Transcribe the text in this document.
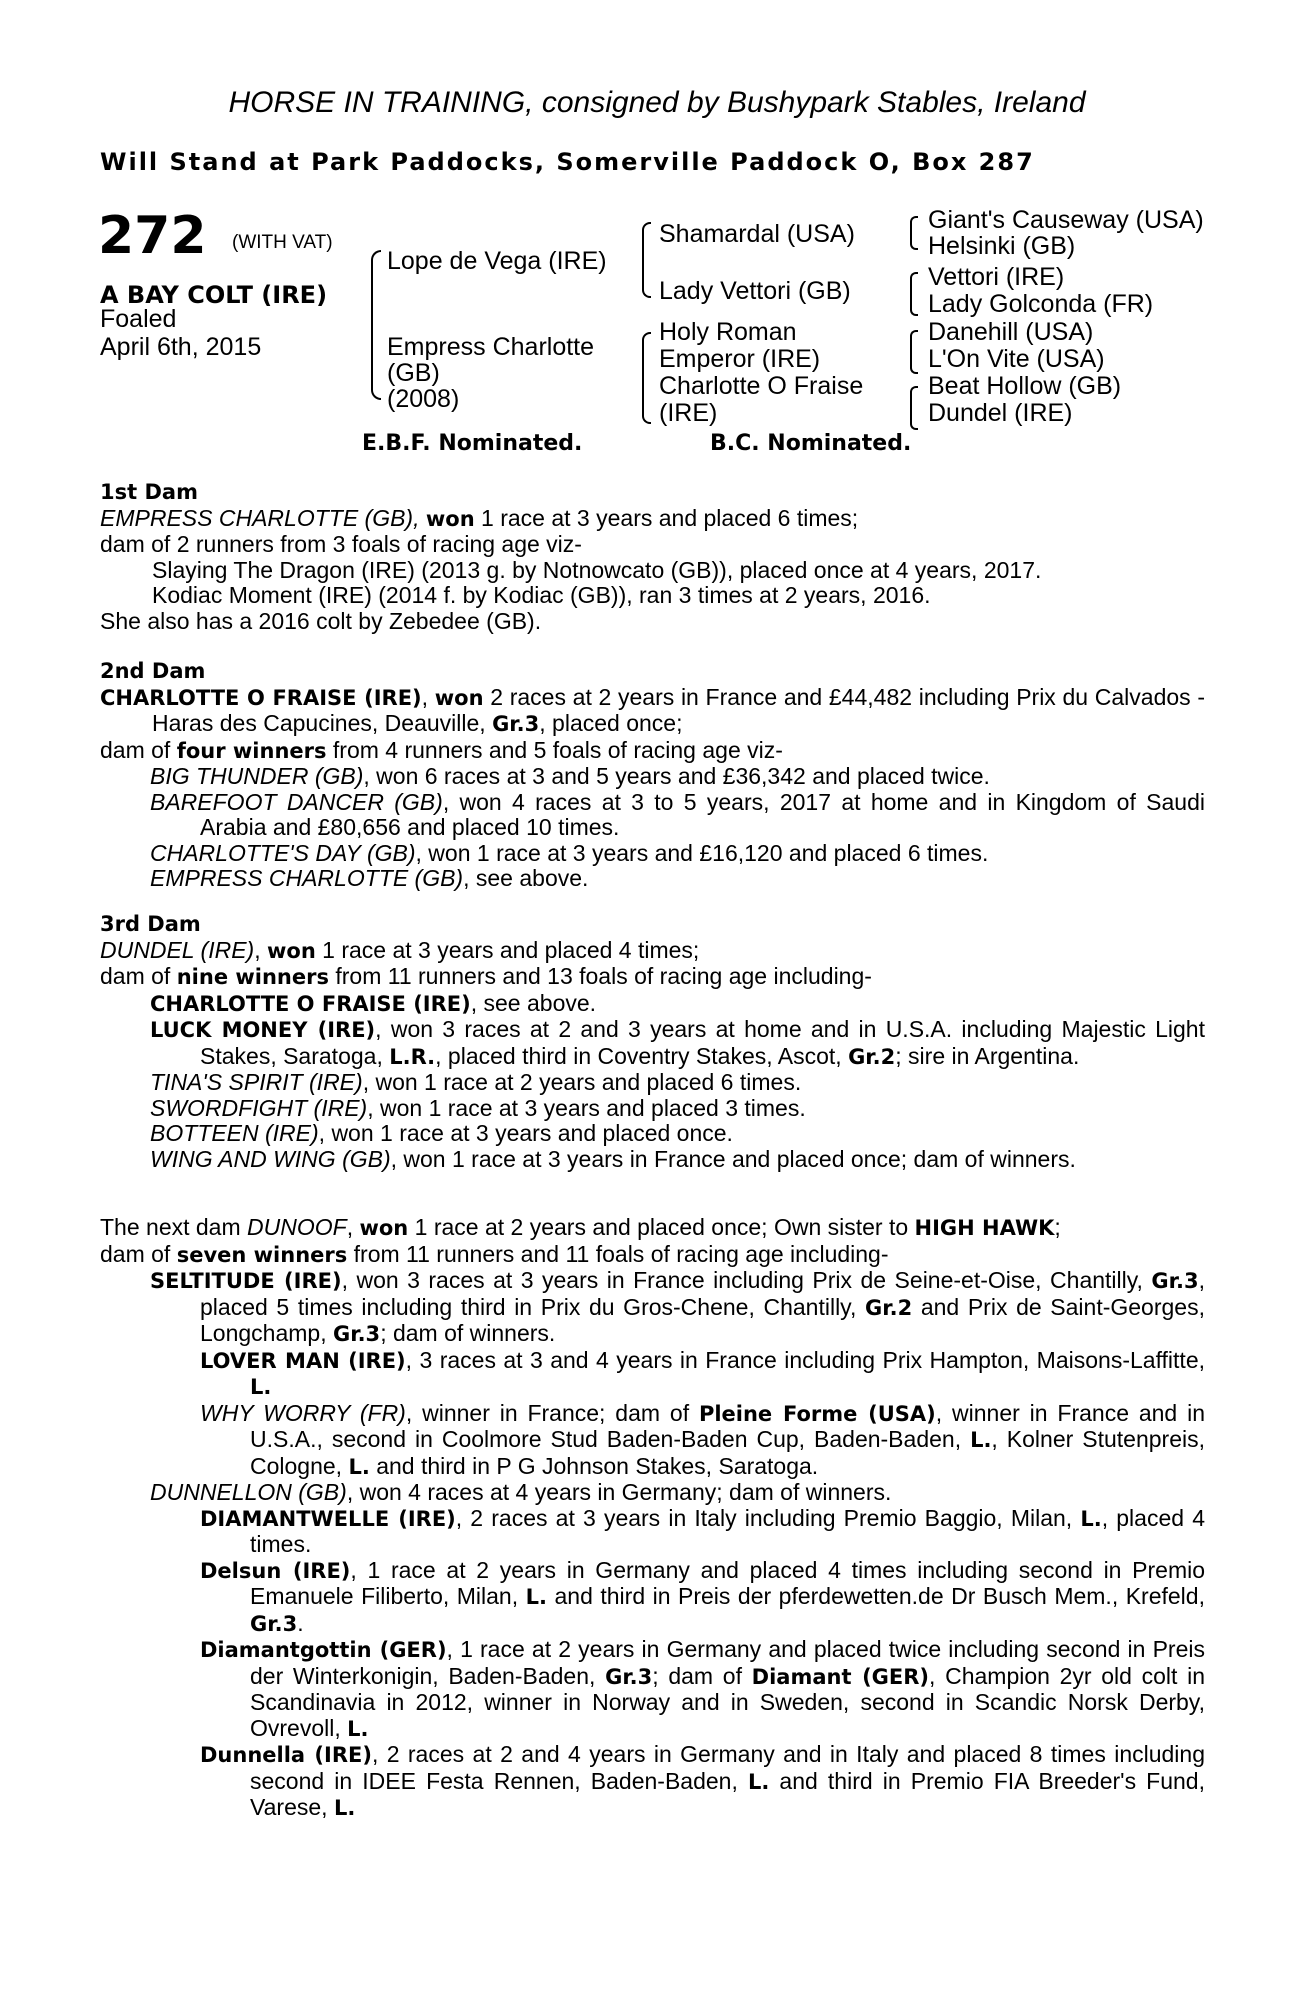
HORSE IN TRAINING, consigned by Bushypark Stables, Ireland
Will Stand at Park Paddocks, Somerville Paddock O, Box 287
272 (WITH VAT)
A BAY COLT (IRE)
Foaled
April 6th, 2015
Lope de Vega (IRE)
Empress Charlotte
(GB)
(2008)
Shamardal (USA)
Lady Vettori (GB)
Holy Roman
Emperor (IRE)
Charlotte O Fraise
(IRE)
Giant's Causeway (USA)
Helsinki (GB)
Vettori (IRE)
Lady Golconda (FR)
Danehill (USA)
L'On Vite (USA)
Beat Hollow (GB)
Dundel (IRE)
E.B.F. Nominated.	B.C. Nominated.

1st Dam

EMPRESS CHARLOTTE (GB), won 1 race at 3 years and placed 6 times;

dam of 2 runners from 3 foals of racing age viz-

Slaying The Dragon (IRE) (2013 g. by Notnowcato (GB)), placed once at 4 years, 2017.

Kodiac Moment (IRE) (2014 f. by Kodiac (GB)), ran 3 times at 2 years, 2016.

She also has a 2016 colt by Zebedee (GB).

2nd Dam

CHARLOTTE O FRAISE (IRE), won 2 races at 2 years in France and £44,482 including Prix du Calvados - Haras des Capucines, Deauville, Gr.3, placed once;

dam of four winners from 4 runners and 5 foals of racing age viz-

BIG THUNDER (GB), won 6 races at 3 and 5 years and £36,342 and placed twice.

BAREFOOT DANCER (GB), won 4 races at 3 to 5 years, 2017 at home and in Kingdom of Saudi Arabia and £80,656 and placed 10 times.

CHARLOTTE'S DAY (GB), won 1 race at 3 years and £16,120 and placed 6 times.

EMPRESS CHARLOTTE (GB), see above.

3rd Dam

DUNDEL (IRE), won 1 race at 3 years and placed 4 times;

dam of nine winners from 11 runners and 13 foals of racing age including-

CHARLOTTE O FRAISE (IRE), see above.

LUCK MONEY (IRE), won 3 races at 2 and 3 years at home and in U.S.A. including Majestic Light Stakes, Saratoga, L.R., placed third in Coventry Stakes, Ascot, Gr.2; sire in Argentina.

TINA'S SPIRIT (IRE), won 1 race at 2 years and placed 6 times.

SWORDFIGHT (IRE), won 1 race at 3 years and placed 3 times.

BOTTEEN (IRE), won 1 race at 3 years and placed once.

WING AND WING (GB), won 1 race at 3 years in France and placed once; dam of winners.

The next dam DUNOOF, won 1 race at 2 years and placed once; Own sister to HIGH HAWK;

dam of seven winners from 11 runners and 11 foals of racing age including-

SELTITUDE (IRE), won 3 races at 3 years in France including Prix de Seine-et-Oise, Chantilly, Gr.3, placed 5 times including third in Prix du Gros-Chene, Chantilly, Gr.2 and Prix de Saint-Georges, Longchamp, Gr.3; dam of winners.

LOVER MAN (IRE), 3 races at 3 and 4 years in France including Prix Hampton, Maisons-Laffitte, L.

WHY WORRY (FR), winner in France; dam of Pleine Forme (USA), winner in France and in U.S.A., second in Coolmore Stud Baden-Baden Cup, Baden-Baden, L., Kolner Stutenpreis, Cologne, L. and third in P G Johnson Stakes, Saratoga.

DUNNELLON (GB), won 4 races at 4 years in Germany; dam of winners.

DIAMANTWELLE (IRE), 2 races at 3 years in Italy including Premio Baggio, Milan, L., placed 4 times.

Delsun (IRE), 1 race at 2 years in Germany and placed 4 times including second in Premio Emanuele Filiberto, Milan, L. and third in Preis der pferdewetten.de Dr Busch Mem., Krefeld, Gr.3.

Diamantgottin (GER), 1 race at 2 years in Germany and placed twice including second in Preis der Winterkonigin, Baden-Baden, Gr.3; dam of Diamant (GER), Champion 2yr old colt in Scandinavia in 2012, winner in Norway and in Sweden, second in Scandic Norsk Derby, Ovrevoll, L.

Dunnella (IRE), 2 races at 2 and 4 years in Germany and in Italy and placed 8 times including second in IDEE Festa Rennen, Baden-Baden, L. and third in Premio FIA Breeder's Fund, Varese, L.
